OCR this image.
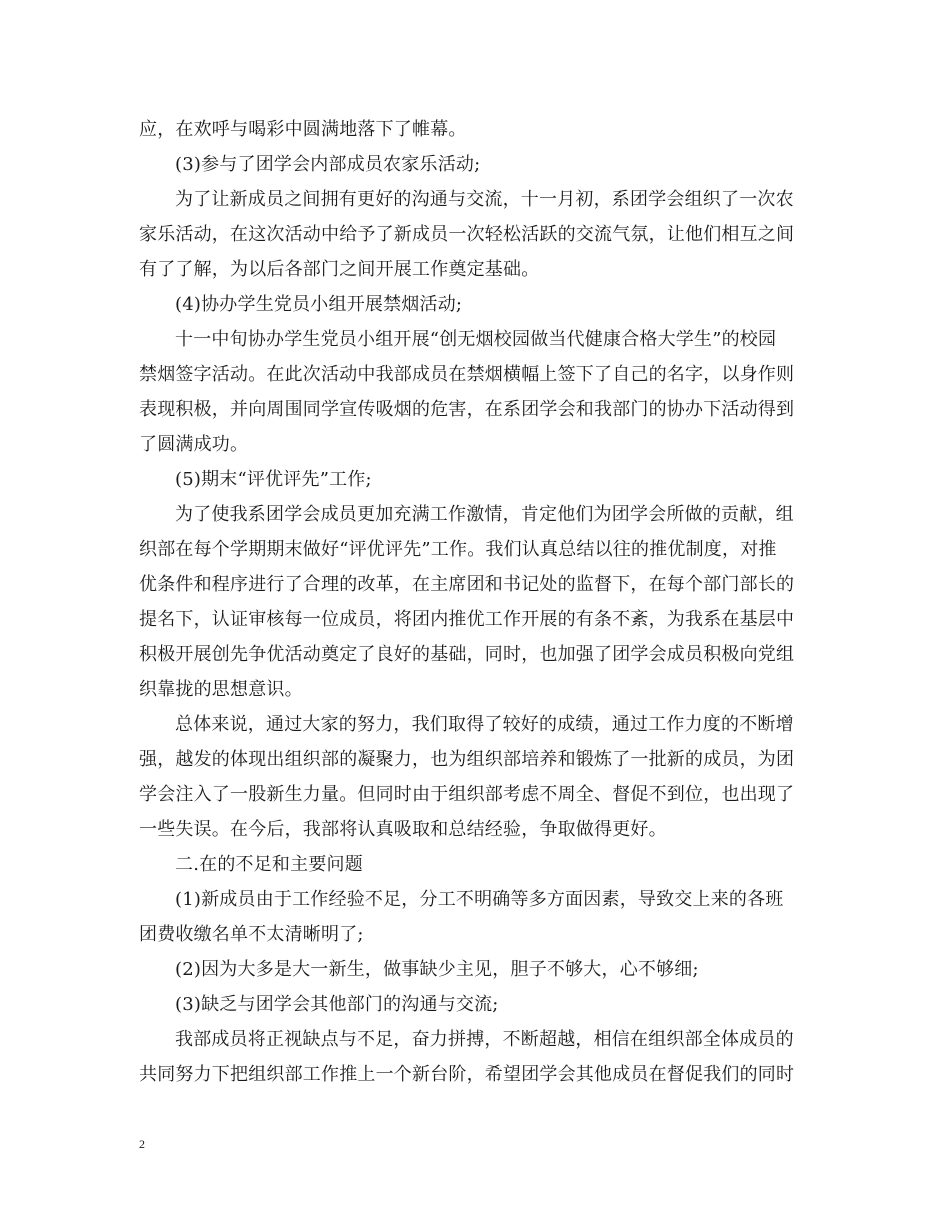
应，在欢呼与喝彩中圆满地落下了帷幕。
(3)参与了团学会内部成员农家乐活动;
为了让新成员之间拥有更好的沟通与交流，十一月初，系团学会组织了一次农
家乐活动，在这次活动中给予了新成员一次轻松活跃的交流气氛，让他们相互之间
有了了解，为以后各部门之间开展工作奠定基础。
(4)协办学生党员小组开展禁烟活动;
十一中旬协办学生党员小组开展“创无烟校园做当代健康合格大学生”的校园
禁烟签字活动。在此次活动中我部成员在禁烟横幅上签下了自己的名字，以身作则
表现积极，并向周围同学宣传吸烟的危害，在系团学会和我部门的协办下活动得到
了圆满成功。
(5)期末“评优评先”工作;
为了使我系团学会成员更加充满工作激情，肯定他们为团学会所做的贡献，组
织部在每个学期期末做好“评优评先”工作。我们认真总结以往的推优制度，对推
优条件和程序进行了合理的改革，在主席团和书记处的监督下，在每个部门部长的
提名下，认证审核每一位成员，将团内推优工作开展的有条不紊，为我系在基层中
积极开展创先争优活动奠定了良好的基础，同时，也加强了团学会成员积极向党组
织靠拢的思想意识。
总体来说，通过大家的努力，我们取得了较好的成绩，通过工作力度的不断增
强，越发的体现出组织部的凝聚力，也为组织部培养和锻炼了一批新的成员，为团
学会注入了一股新生力量。但同时由于组织部考虑不周全、督促不到位，也出现了
一些失误。在今后，我部将认真吸取和总结经验，争取做得更好。
二.在的不足和主要问题
(1)新成员由于工作经验不足，分工不明确等多方面因素，导致交上来的各班
团费收缴名单不太清晰明了;
(2)因为大多是大一新生，做事缺少主见，胆子不够大，心不够细;
(3)缺乏与团学会其他部门的沟通与交流;
我部成员将正视缺点与不足，奋力拼搏，不断超越，相信在组织部全体成员的
共同努力下把组织部工作推上一个新台阶，希望团学会其他成员在督促我们的同时
2
